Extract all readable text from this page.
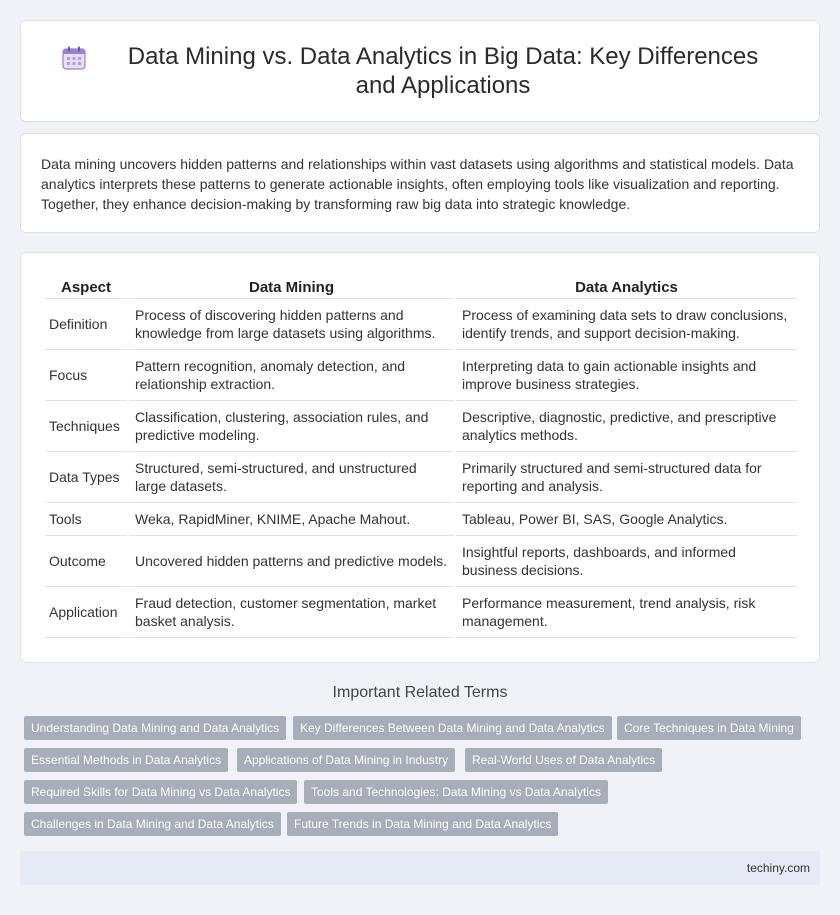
Data Mining vs. Data Analytics in Big Data: Key Differences and Applications

Data mining uncovers hidden patterns and relationships within vast datasets using algorithms and statistical models. Data analytics interprets these patterns to generate actionable insights, often employing tools like visualization and reporting. Together, they enhance decision-making by transforming raw big data into strategic knowledge.

Aspect	Data Mining	Data Analytics
Definition	Process of discovering hidden patterns and knowledge from large datasets using algorithms.	Process of examining data sets to draw conclusions, identify trends, and support decision-making.
Focus	Pattern recognition, anomaly detection, and relationship extraction.	Interpreting data to gain actionable insights and improve business strategies.
Techniques	Classification, clustering, association rules, and predictive modeling.	Descriptive, diagnostic, predictive, and prescriptive analytics methods.
Data Types	Structured, semi-structured, and unstructured large datasets.	Primarily structured and semi-structured data for reporting and analysis.
Tools	Weka, RapidMiner, KNIME, Apache Mahout.	Tableau, Power BI, SAS, Google Analytics.
Outcome	Uncovered hidden patterns and predictive models.	Insightful reports, dashboards, and informed business decisions.
Application	Fraud detection, customer segmentation, market basket analysis.	Performance measurement, trend analysis, risk management.
Important Related Terms
Understanding Data Mining and Data Analytics	Key Differences Between Data Mining and Data Analytics	Core Techniques in Data Mining
Essential Methods in Data Analytics	Applications of Data Mining in Industry	Real-World Uses of Data Analytics
Required Skills for Data Mining vs Data Analytics	Tools and Technologies: Data Mining vs Data Analytics
Challenges in Data Mining and Data Analytics	Future Trends in Data Mining and Data Analytics
techiny.com
